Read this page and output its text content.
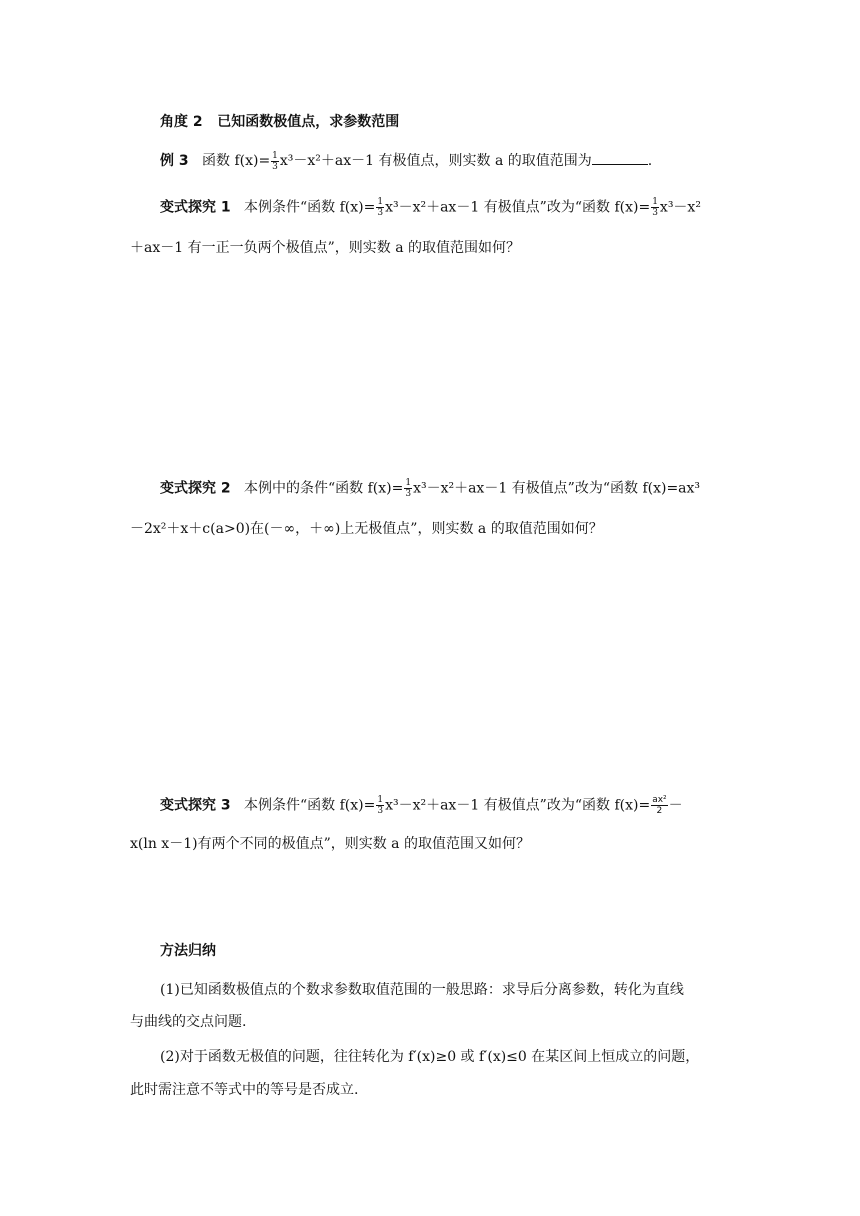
角度 2 已知函数极值点，求参数范围
例 3 函数 $f(x)= \frac{1}{3} x^3-x^2+ax-1$ 有极值点，则实数 a 的取值范围为	.
变式探究 1 本例条件“函数 $f(x)= \frac{1}{3} x^3-x^2+ax-1$ 有极值点”改为“函数 $f(x)= \frac{1}{3} x^3-x^2$
＋ax－1 有一正一负两个极值点”，则实数 a 的取值范围如何？
变式探究 2 本例中的条件“函数 $f(x)= \frac{1}{3} x^3-x^2+ax-1$ 有极值点”改为“函数 f(x)=ax³
－2x²＋x＋c(a>0)在(－∞，＋∞)上无极值点”，则实数 a 的取值范围如何？
变式探究 3 本例条件“函数 $f(x)= \frac{1}{3} x^3-x^2+ax-1$ 有极值点”改为“函数 $f(x)= \frac{\text{ax²}}{2}$ －
x(ln x－1)有两个不同的极值点”，则实数 a 的取值范围又如何？
方法归纳
(1)已知函数极值点的个数求参数取值范围的一般思路：求导后分离参数，转化为直线
与曲线的交点问题.
(2)对于函数无极值的问题，往往转化为 f′(x)≥0 或 f′(x)≤0 在某区间上恒成立的问题，
此时需注意不等式中的等号是否成立.
